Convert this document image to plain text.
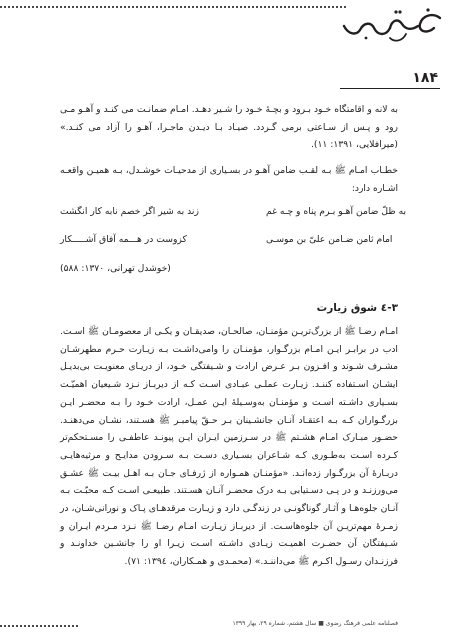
۱۸۴
به لانه و اقامتگاه خـود بـرود و بچـۀ خـود را شـیر دهـد. امـام ضمانـت می کنـد و آهـو مـی رود و پـس از سـاعتی برمی گـردد. صیـاد بـا دیـدن ماجـرا، آهـو را آزاد می کنـد.» (میرافلایی، ۱۳۹۱: ۱۱).
خطـاب امـام ﷺ بـه لقـب ضامن آهـو در بسـیاری از مدحیـات خوشـدل، بـه همیـن واقعـه اشـاره دارد:
به ظلّ ضامن آهـو بـرم پناه و چـه غم
زند به شیر اگر خصم نابه کار انگشت
امام ثامن ضـامن علیّ بن موسـی
کزوست در هـــمه آفاق آشـــــکار
(خوشدل تهرانی، ۱۳۷۰: ۵۸۸)
۳-٤ شوق زیارت
امـام رضـا ﷺ از بزرگ‌تریـن مؤمنـان، صالحـان، صدیقـان و یکـی از معصومـان ﷺ اسـت. ادب در برابـر ایـن امـام بزرگـوار، مؤمنـان را وامی‌داشـت بـه زیـارت حـرم مطهرشـان مشـرف شـوند و افـزون بـر عـرض ارادت و شـیفتگی خـود، از دریـای معنویـت بی‌بدیـل ایشـان اسـتفاده کننـد. زیـارت عملـی عبـادی اسـت کـه از دیربـاز نـزد شـیعیان اهمیّـت بسـیاری داشـته اسـت و مؤمنـان به‌وسـیلۀ ایـن عمـل، ارادت خـود را بـه محضـر ایـن بزرگـواران کـه بـه اعتقـاد آنـان جانشـینان بـر حـقّ پیامبـر ﷺ هسـتند، نشـان می‌دهنـد. حضـور مبـارک امـام هشـتم ﷺ در سـرزمین ایـران ایـن پیونـد عاطفـی را مسـتحکم‌تر کـرده اسـت به‌طـوری کـه شـاعران بسـیاری دسـت بـه سـرودن مدایـح و مرثیه‌هایـی دربـارۀ آن بزرگـوار زده‌انـد. «مؤمنـان همـواره از ژرفـای جـان بـه اهـل بیـت ﷺ عشـق می‌ورزنـد و در پـی دسـتیابی بـه درک محضـر آنـان هسـتند. طبیعـی اسـت کـه محبّـت بـه آنـان جلوه‌هـا و آثـار گوناگونـی در زندگـی دارد و زیـارت مرقدهـای پـاک و نورانی‌شـان، در زمـرۀ مهم‌تریـن آن جلوه‌هاسـت. از دیربـاز زیـارت امـام رضـا ﷺ نـزد مـردم ایـران و شـیفتگان آن حضـرت اهمیـت زیـادی داشـته اسـت زیـرا او را جانشـین خداونـد و فرزنـدان رسـول اکـرم ﷺ می‌داننـد.» (محمـدی و همـکاران، ۱۳۹٤: ۷۱).
فصلنامه علمی فرهنگ رضوی ■ سال هشتم، شماره ۲۹، بهار ۱۳۹۹
